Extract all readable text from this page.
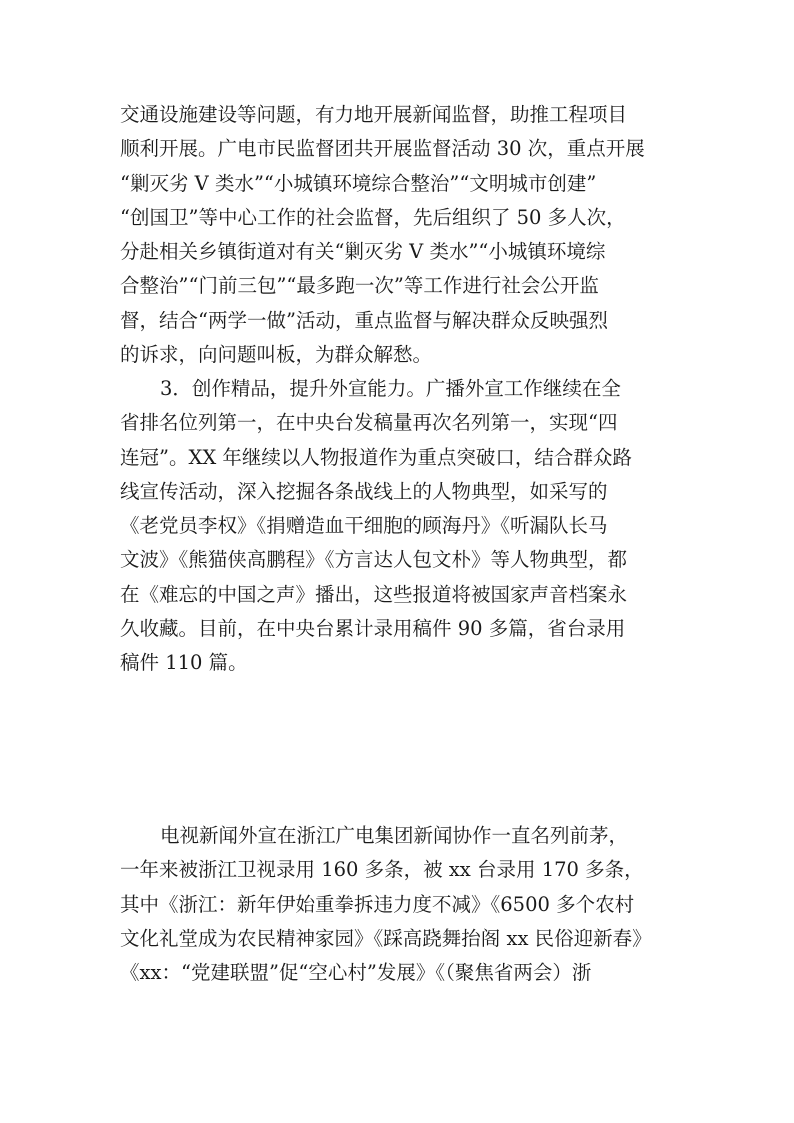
交通设施建设等问题，有力地开展新闻监督，助推工程项目
顺利开展。广电市民监督团共开展监督活动 30 次，重点开展
“剿灭劣 V 类水”“小城镇环境综合整治”“文明城市创建”
“创国卫”等中心工作的社会监督，先后组织了 50 多人次，
分赴相关乡镇街道对有关“剿灭劣 V 类水”“小城镇环境综
合整治”“门前三包”“最多跑一次”等工作进行社会公开监
督，结合“两学一做”活动，重点监督与解决群众反映强烈
的诉求，向问题叫板，为群众解愁。
3．创作精品，提升外宣能力。广播外宣工作继续在全
省排名位列第一，在中央台发稿量再次名列第一，实现“四
连冠”。XX 年继续以人物报道作为重点突破口，结合群众路
线宣传活动，深入挖掘各条战线上的人物典型，如采写的
《老党员李权》《捐赠造血干细胞的顾海丹》《听漏队长马
文波》《熊猫侠高鹏程》《方言达人包文朴》等人物典型，都
在《难忘的中国之声》播出，这些报道将被国家声音档案永
久收藏。目前，在中央台累计录用稿件 90 多篇，省台录用
稿件 110 篇。
电视新闻外宣在浙江广电集团新闻协作一直名列前茅，
一年来被浙江卫视录用 160 多条，被 xx 台录用 170 多条，
其中《浙江：新年伊始重拳拆违力度不减》《6500 多个农村
文化礼堂成为农民精神家园》《踩高跷舞抬阁 xx 民俗迎新春》
《xx：“党建联盟”促“空心村”发展》《（聚焦省两会）浙
